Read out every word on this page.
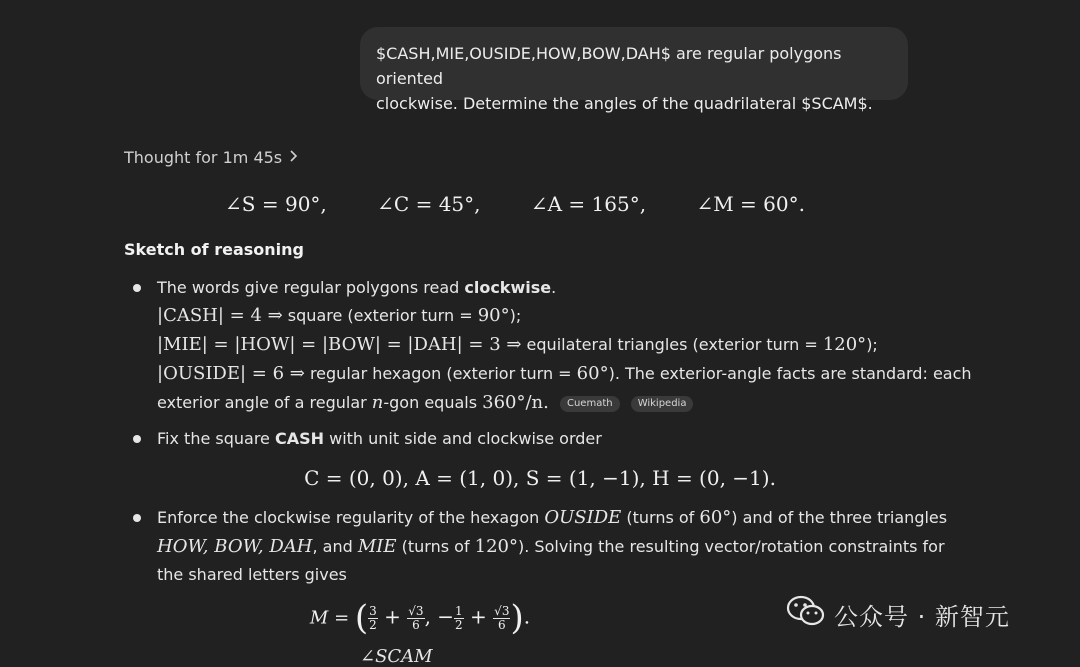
$CASH,MIE,OUSIDE,HOW,BOW,DAH$ are regular polygons oriented
clockwise. Determine the angles of the quadrilateral $SCAM$.
Thought for 1m 45s
∠S = 90°,	∠C = 45°,	∠A = 165°,	∠M = 60°.
Sketch of reasoning
The words give regular polygons read clockwise.
|CASH| = 4 ⇒ square (exterior turn = 90°);
|MIE| = |HOW| = |BOW| = |DAH| = 3 ⇒ equilateral triangles (exterior turn = 120°);
|OUSIDE| = 6 ⇒ regular hexagon (exterior turn = 60°). The exterior-angle facts are standard: each
exterior angle of a regular n-gon equals 360°/n. Cuemath	Wikipedia
Fix the square CASH with unit side and clockwise order
C = (0, 0), A = (1, 0), S = (1, −1), H = (0, −1).
Enforce the clockwise regularity of the hexagon OUSIDE (turns of 60°) and of the three triangles
HOW, BOW, DAH, and MIE (turns of 120°). Solving the resulting vector/rotation constraints for
the shared letters gives
M = ( $\frac{3}{2} + \frac{√3}{6}$ , − $\frac{1}{2} + \frac{√3}{6}$ ).
∠SCAM
公众号 · 新智元
